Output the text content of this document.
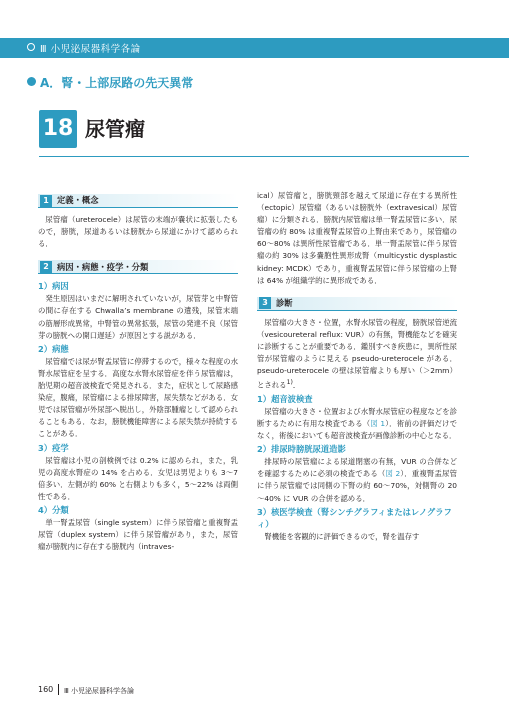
Ⅲ 小児泌尿器科学各論
A．腎・上部尿路の先天異常
18 尿管瘤
1 定義・概念
尿管瘤（ureterocele）は尿管の末端が嚢状に拡張したもので，膀胱，尿道あるいは膀胱から尿道にかけて認められる．
2 病因・病態・疫学・分類
1）病因
発生原因はいまだに解明されていないが，尿管芽と中腎管の間に存在する Chwalla’s membrane の遺残，尿管末端の筋層形成異常，中腎管の異常拡張，尿管の発達不良（尿管芽の膀胱への開口遅延）が原因とする説がある．
2）病態
尿管瘤では尿が腎盂尿管に停滞するので，様々な程度の水腎水尿管症を呈する．高度な水腎水尿管症を伴う尿管瘤は，胎児期の超音波検査で発見される．また，症状として尿路感染症，腹痛，尿管瘤による排尿障害，尿失禁などがある．女児では尿管瘤が外尿部へ脱出し，外陰部腫瘤として認められることもある．なお，膀胱機能障害による尿失禁が持続することがある．
3）疫学
尿管瘤は小児の剖検例では 0.2% に認められ，また，乳児の高度水腎症の 14% を占める．女児は男児よりも 3～7 倍多い．左側が約 60% と右側よりも多く，5～22% は両側性である．
4）分類
単一腎盂尿管（single system）に伴う尿管瘤と重複腎盂尿管（duplex system）に伴う尿管瘤があり，また，尿管瘤が膀胱内に存在する膀胱内（intraves-
ical）尿管瘤と，膀胱頸部を越えて尿道に存在する異所性（ectopic）尿管瘤（あるいは膀胱外（extravesical）尿管瘤）に分類される．膀胱内尿管瘤は単一腎盂尿管に多い．尿管瘤の約 80% は重複腎盂尿管の上腎由来であり，尿管瘤の 60～80% は異所性尿管瘤である．単一腎盂尿管に伴う尿管瘤の約 30% は多嚢胞性異形成腎（multicystic dysplastic kidney: MCDK）であり，重複腎盂尿管に伴う尿管瘤の上腎は 64% が組織学的に異形成である．
3 診断
尿管瘤の大きさ・位置，水腎水尿管の程度，膀胱尿管逆流（vesicoureteral reflux: VUR）の有無，腎機能などを確実に診断することが重要である．鑑別すべき疾患に，異所性尿管が尿管瘤のように見える pseudo-ureterocele がある．pseudo-ureterocele の壁は尿管瘤よりも厚い（＞2mm）とされる$^{1)}$．
1）超音波検査
尿管瘤の大きさ・位置および水腎水尿管症の程度などを診断するために有用な検査である（図 1）．術前の評価だけでなく，術後においても超音波検査が画像診断の中心となる．
2）排尿時膀胱尿道造影
排尿時の尿管瘤による尿道閉塞の有無，VUR の合併などを確認するために必須の検査である（図 2）．重複腎盂尿管に伴う尿管瘤では同側の下腎の約 60～70%，対側腎の 20～40% に VUR の合併を認める．
3）核医学検査（腎シンチグラフィまたはレノグラフィ）
腎機能を客観的に評価できるので，腎を温存す
160 Ⅲ 小児泌尿器科学各論
